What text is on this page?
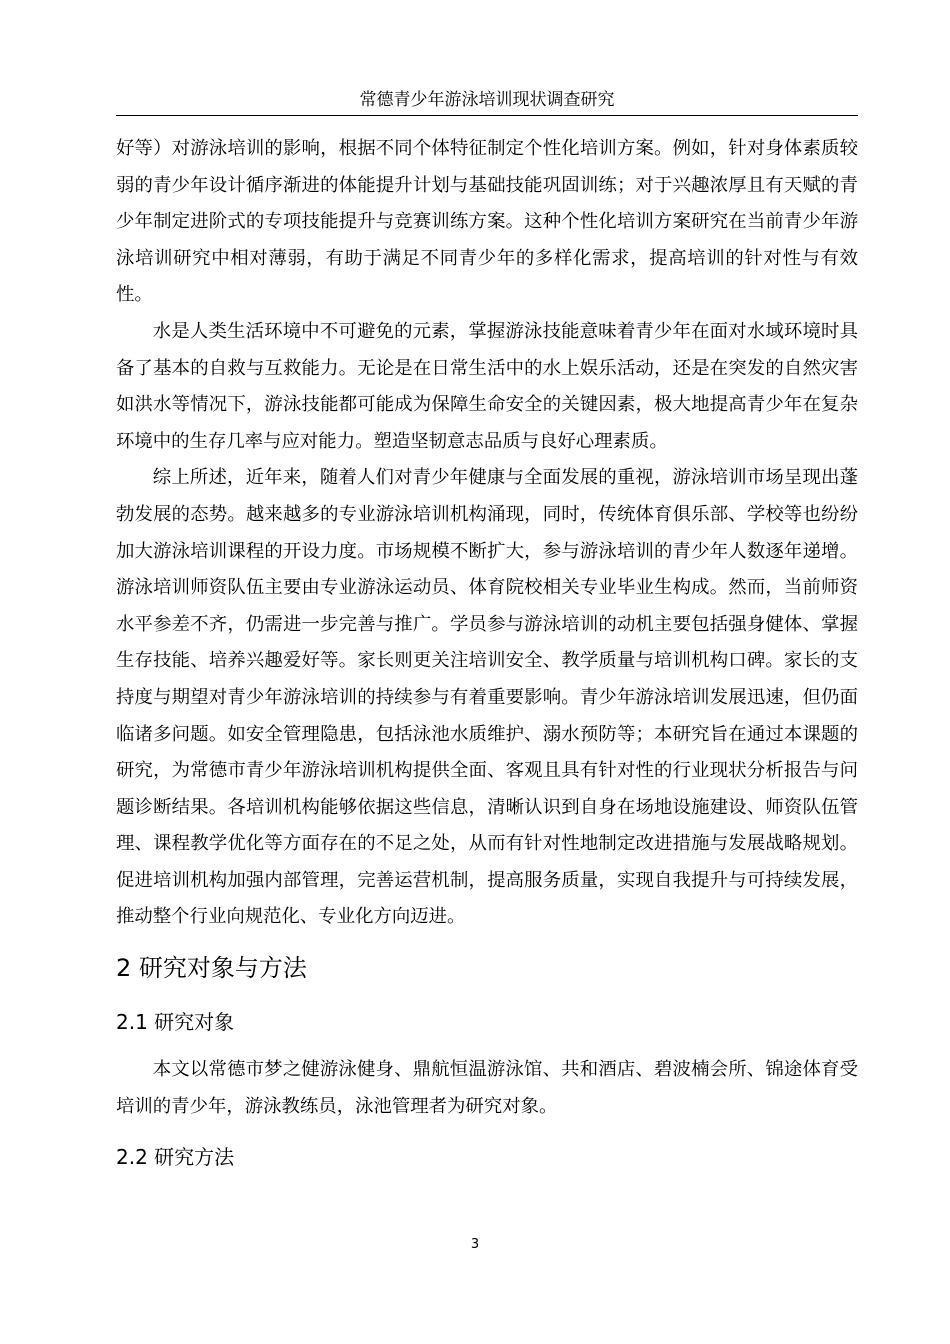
常德青少年游泳培训现状调查研究

好等）对游泳培训的影响，根据不同个体特征制定个性化培训方案。例如，针对身体素质较弱的青少年设计循序渐进的体能提升计划与基础技能巩固训练；对于兴趣浓厚且有天赋的青少年制定进阶式的专项技能提升与竞赛训练方案。这种个性化培训方案研究在当前青少年游泳培训研究中相对薄弱，有助于满足不同青少年的多样化需求，提高培训的针对性与有效性。

水是人类生活环境中不可避免的元素，掌握游泳技能意味着青少年在面对水域环境时具备了基本的自救与互救能力。无论是在日常生活中的水上娱乐活动，还是在突发的自然灾害如洪水等情况下，游泳技能都可能成为保障生命安全的关键因素，极大地提高青少年在复杂环境中的生存几率与应对能力。塑造坚韧意志品质与良好心理素质。

综上所述，近年来，随着人们对青少年健康与全面发展的重视，游泳培训市场呈现出蓬勃发展的态势。越来越多的专业游泳培训机构涌现，同时，传统体育俱乐部、学校等也纷纷加大游泳培训课程的开设力度。市场规模不断扩大，参与游泳培训的青少年人数逐年递增。游泳培训师资队伍主要由专业游泳运动员、体育院校相关专业毕业生构成。然而，当前师资水平参差不齐，仍需进一步完善与推广。学员参与游泳培训的动机主要包括强身健体、掌握生存技能、培养兴趣爱好等。家长则更关注培训安全、教学质量与培训机构口碑。家长的支持度与期望对青少年游泳培训的持续参与有着重要影响。青少年游泳培训发展迅速，但仍面临诸多问题。如安全管理隐患，包括泳池水质维护、溺水预防等；本研究旨在通过本课题的研究，为常德市青少年游泳培训机构提供全面、客观且具有针对性的行业现状分析报告与问题诊断结果。各培训机构能够依据这些信息，清晰认识到自身在场地设施建设、师资队伍管理、课程教学优化等方面存在的不足之处，从而有针对性地制定改进措施与发展战略规划。促进培训机构加强内部管理，完善运营机制，提高服务质量，实现自我提升与可持续发展，推动整个行业向规范化、专业化方向迈进。

2 研究对象与方法
2.1 研究对象

本文以常德市梦之健游泳健身、鼎航恒温游泳馆、共和酒店、碧波楠会所、锦途体育受培训的青少年，游泳教练员，泳池管理者为研究对象。

2.2 研究方法
3
